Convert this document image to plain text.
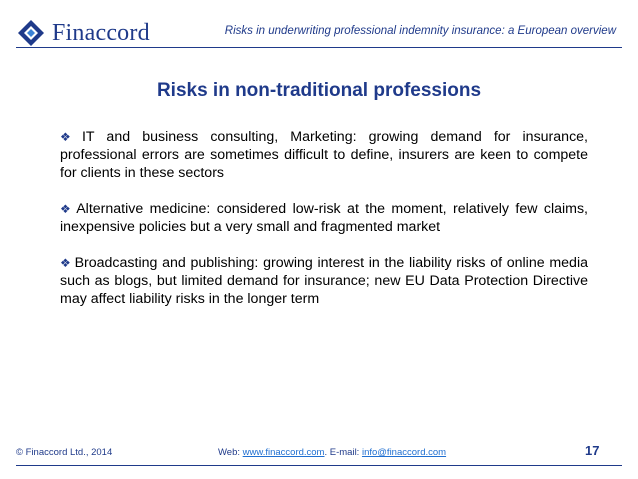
Finaccord	Risks in underwriting professional indemnity insurance: a European overview
Risks in non-traditional professions

❖ IT and business consulting, Marketing: growing demand for insurance, professional errors are sometimes difficult to define, insurers are keen to compete for clients in these sectors

❖ Alternative medicine: considered low-risk at the moment, relatively few claims, inexpensive policies but a very small and fragmented market

❖ Broadcasting and publishing: growing interest in the liability risks of online media such as blogs, but limited demand for insurance; new EU Data Protection Directive may affect liability risks in the longer term

© Finaccord Ltd., 2014	Web: www.finaccord.com. E-mail: info@finaccord.com	17
